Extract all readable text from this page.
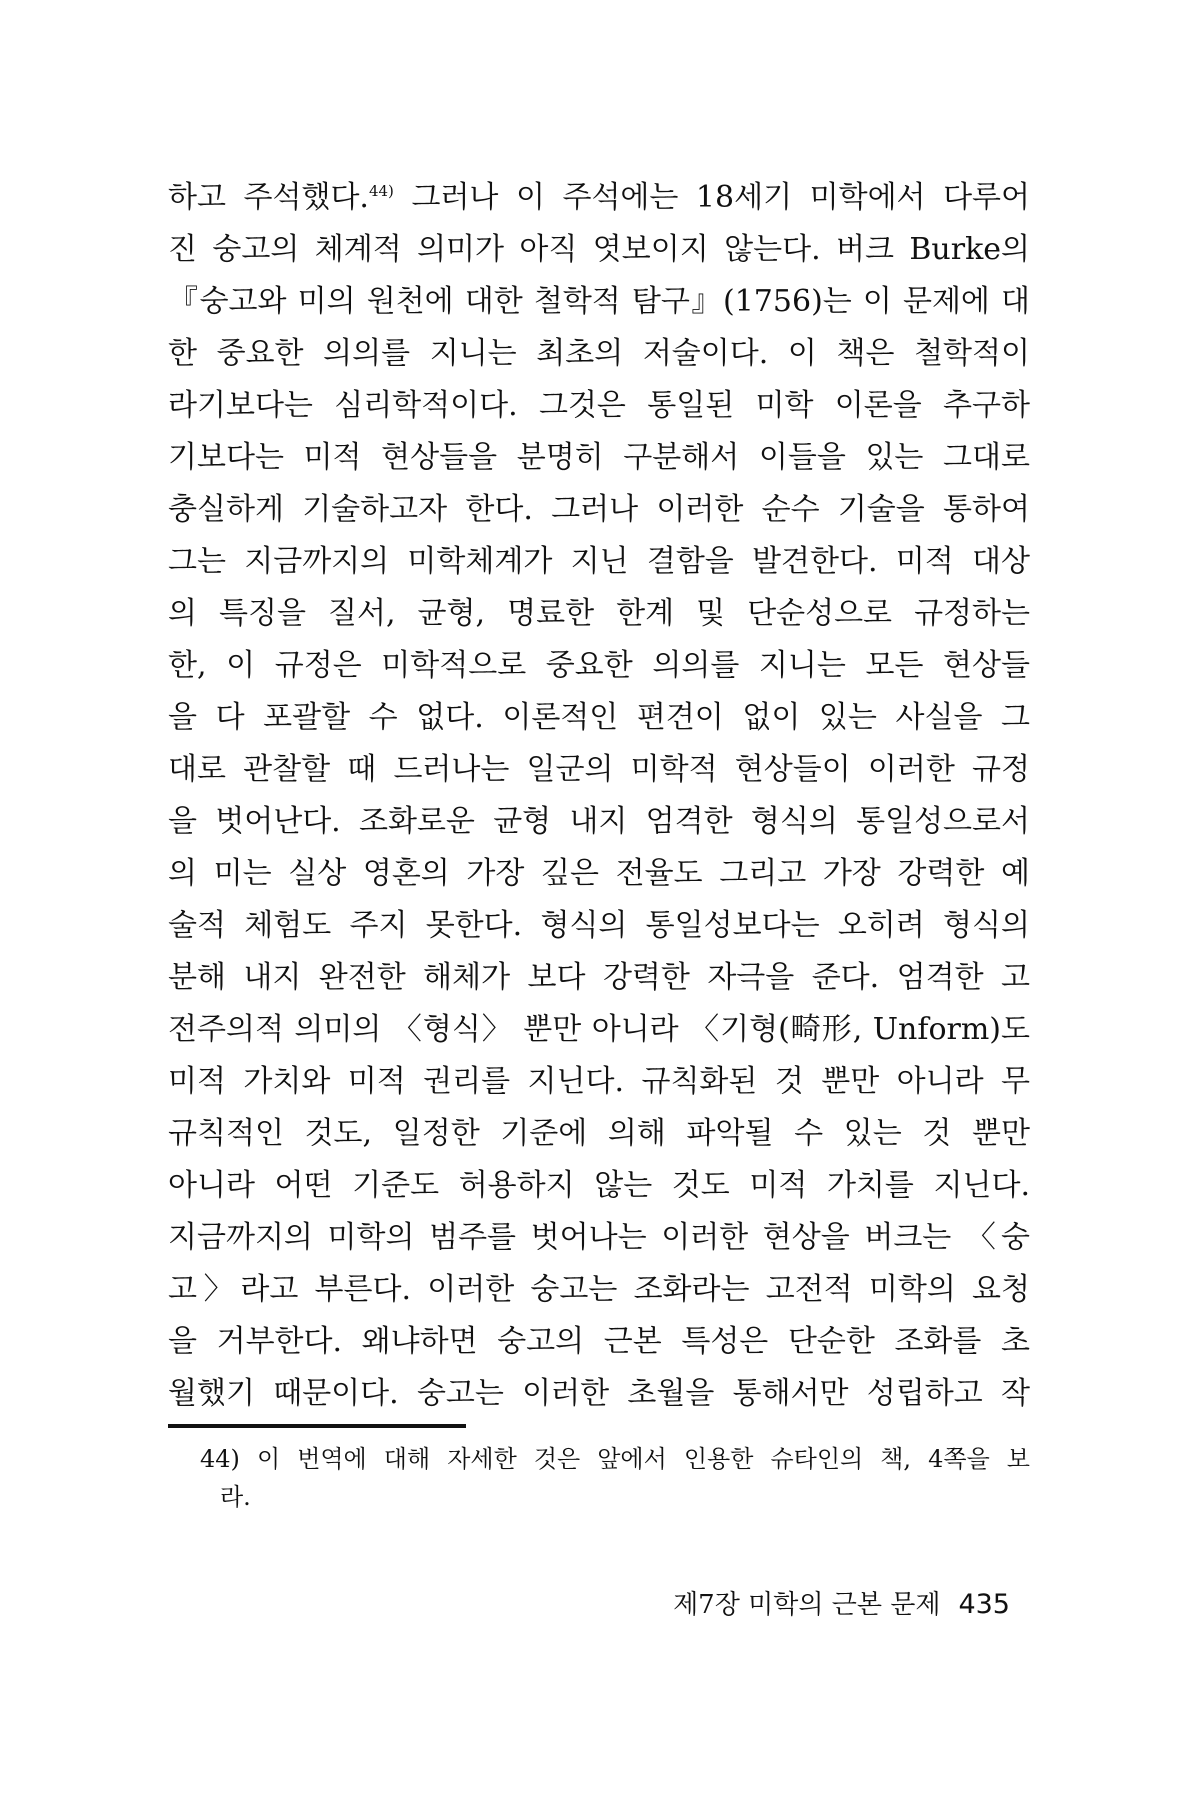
하고 주석했다.$^{44)}$ 그러나 이 주석에는 18세기 미학에서 다루어
진 숭고의 체계적 의미가 아직 엿보이지 않는다. 버크 Burke의
『숭고와 미의 원천에 대한 철학적 탐구』(1756)는 이 문제에 대
한 중요한 의의를 지니는 최초의 저술이다. 이 책은 철학적이
라기보다는 심리학적이다. 그것은 통일된 미학 이론을 추구하
기보다는 미적 현상들을 분명히 구분해서 이들을 있는 그대로
충실하게 기술하고자 한다. 그러나 이러한 순수 기술을 통하여
그는 지금까지의 미학체계가 지닌 결함을 발견한다. 미적 대상
의 특징을 질서, 균형, 명료한 한계 및 단순성으로 규정하는
한, 이 규정은 미학적으로 중요한 의의를 지니는 모든 현상들
을 다 포괄할 수 없다. 이론적인 편견이 없이 있는 사실을 그
대로 관찰할 때 드러나는 일군의 미학적 현상들이 이러한 규정
을 벗어난다. 조화로운 균형 내지 엄격한 형식의 통일성으로서
의 미는 실상 영혼의 가장 깊은 전율도 그리고 가장 강력한 예
술적 체험도 주지 못한다. 형식의 통일성보다는 오히려 형식의
분해 내지 완전한 해체가 보다 강력한 자극을 준다. 엄격한 고
전주의적 의미의 〈형식〉 뿐만 아니라 〈기형(畸形, Unform)도
미적 가치와 미적 권리를 지닌다. 규칙화된 것 뿐만 아니라 무
규칙적인 것도, 일정한 기준에 의해 파악될 수 있는 것 뿐만
아니라 어떤 기준도 허용하지 않는 것도 미적 가치를 지닌다.
지금까지의 미학의 범주를 벗어나는 이러한 현상을 버크는 〈숭
고〉라고 부른다. 이러한 숭고는 조화라는 고전적 미학의 요청
을 거부한다. 왜냐하면 숭고의 근본 특성은 단순한 조화를 초
월했기 때문이다. 숭고는 이러한 초월을 통해서만 성립하고 작
44) 이 번역에 대해 자세한 것은 앞에서 인용한 슈타인의 책, 4쪽을 보
라.
제7장 미학의 근본 문제 435
